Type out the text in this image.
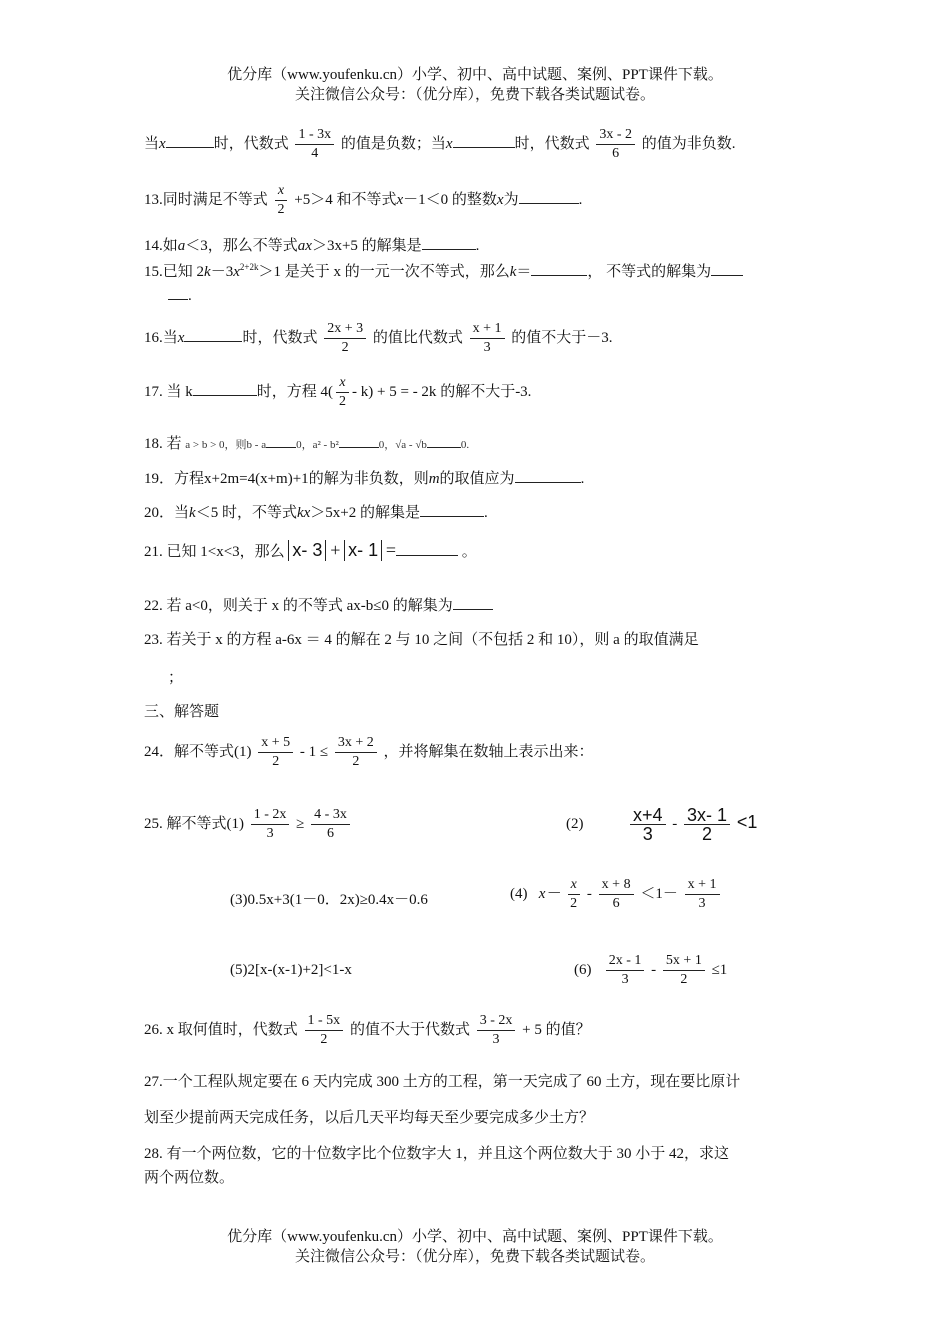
优分库（www.youfenku.cn）小学、初中、高中试题、案例、PPT课件下载。
关注微信公众号：（优分库），免费下载各类试题试卷。
当x	时，代数式 $\frac{1 - 3x}{4}$ 的值是负数；当x	时，代数式 $\frac{3x - 2}{6}$ 的值为非负数.
13.同时满足不等式 $\frac{x}{2} +5>4$ 和不等式x－1＜0 的整数x为	.
14.如a＜3，那么不等式ax＞3x+5 的解集是	.
15.已知 $2k-3x^{2+2k}>1$ 是关于 x 的一元一次不等式，那么k＝	， 不等式的解集为
.
16.当x	时，代数式 $\frac{2x + 3}{2}$ 的值比代数式 $\frac{x + 1}{3}$ 的值不大于－3.
17. 当 k	时，方程 $4( \frac{x}{2} - k) + 5$ = - 2k 的解不大于-3.
18. 若 a > b > 0，则b - a	0，a² - b²	0，√a - √b	0.
19．方程x+2m=4(x+m)+1的解为非负数，则m的取值应为	.
20．当k＜5 时，不等式kx＞5x+2 的解集是	.
21. 已知 1<x<3，那么 x- 3 + x- 1 =	。
22. 若 a<0，则关于 x 的不等式 ax-b≤0 的解集为
23. 若关于 x 的方程 a-6x ＝ 4 的解在 2 与 10 之间（不包括 2 和 10），则 a 的取值满足
；
三、解答题
24．解不等式$(1) \frac{x + 5}{2} - 1 \le \frac{3x + 2}{2}$ ，并将解集在数轴上表示出来：
25. 解不等式$(1) \frac{1 - 2x}{3} \ge \frac{4 - 3x}{6}$	(2)	$\frac{x+4}{3} - \frac{3x- 1}{2} <1$
(3)0.5x+3(1－0．2x)≥0.4x－0.6	(4) $x- \frac{x}{2} - \frac{x + 8}{6} <1- \frac{x + 1}{3}$
(5)2[x-(x-1)+2]<1-x	$(6) \frac{2x - 1}{3} - \frac{5x + 1}{2} \le 1$
26. x 取何值时，代数式 $\frac{1 - 5x}{2}$ 的值不大于代数式 $\frac{3 - 2x}{3} + 5$ 的值？
27.一个工程队规定要在 6 天内完成 300 土方的工程，第一天完成了 60 土方，现在要比原计
划至少提前两天完成任务，以后几天平均每天至少要完成多少土方？
28. 有一个两位数，它的十位数字比个位数字大 1，并且这个两位数大于 30 小于 42，求这
两个两位数。
优分库（www.youfenku.cn）小学、初中、高中试题、案例、PPT课件下载。
关注微信公众号：（优分库），免费下载各类试题试卷。
